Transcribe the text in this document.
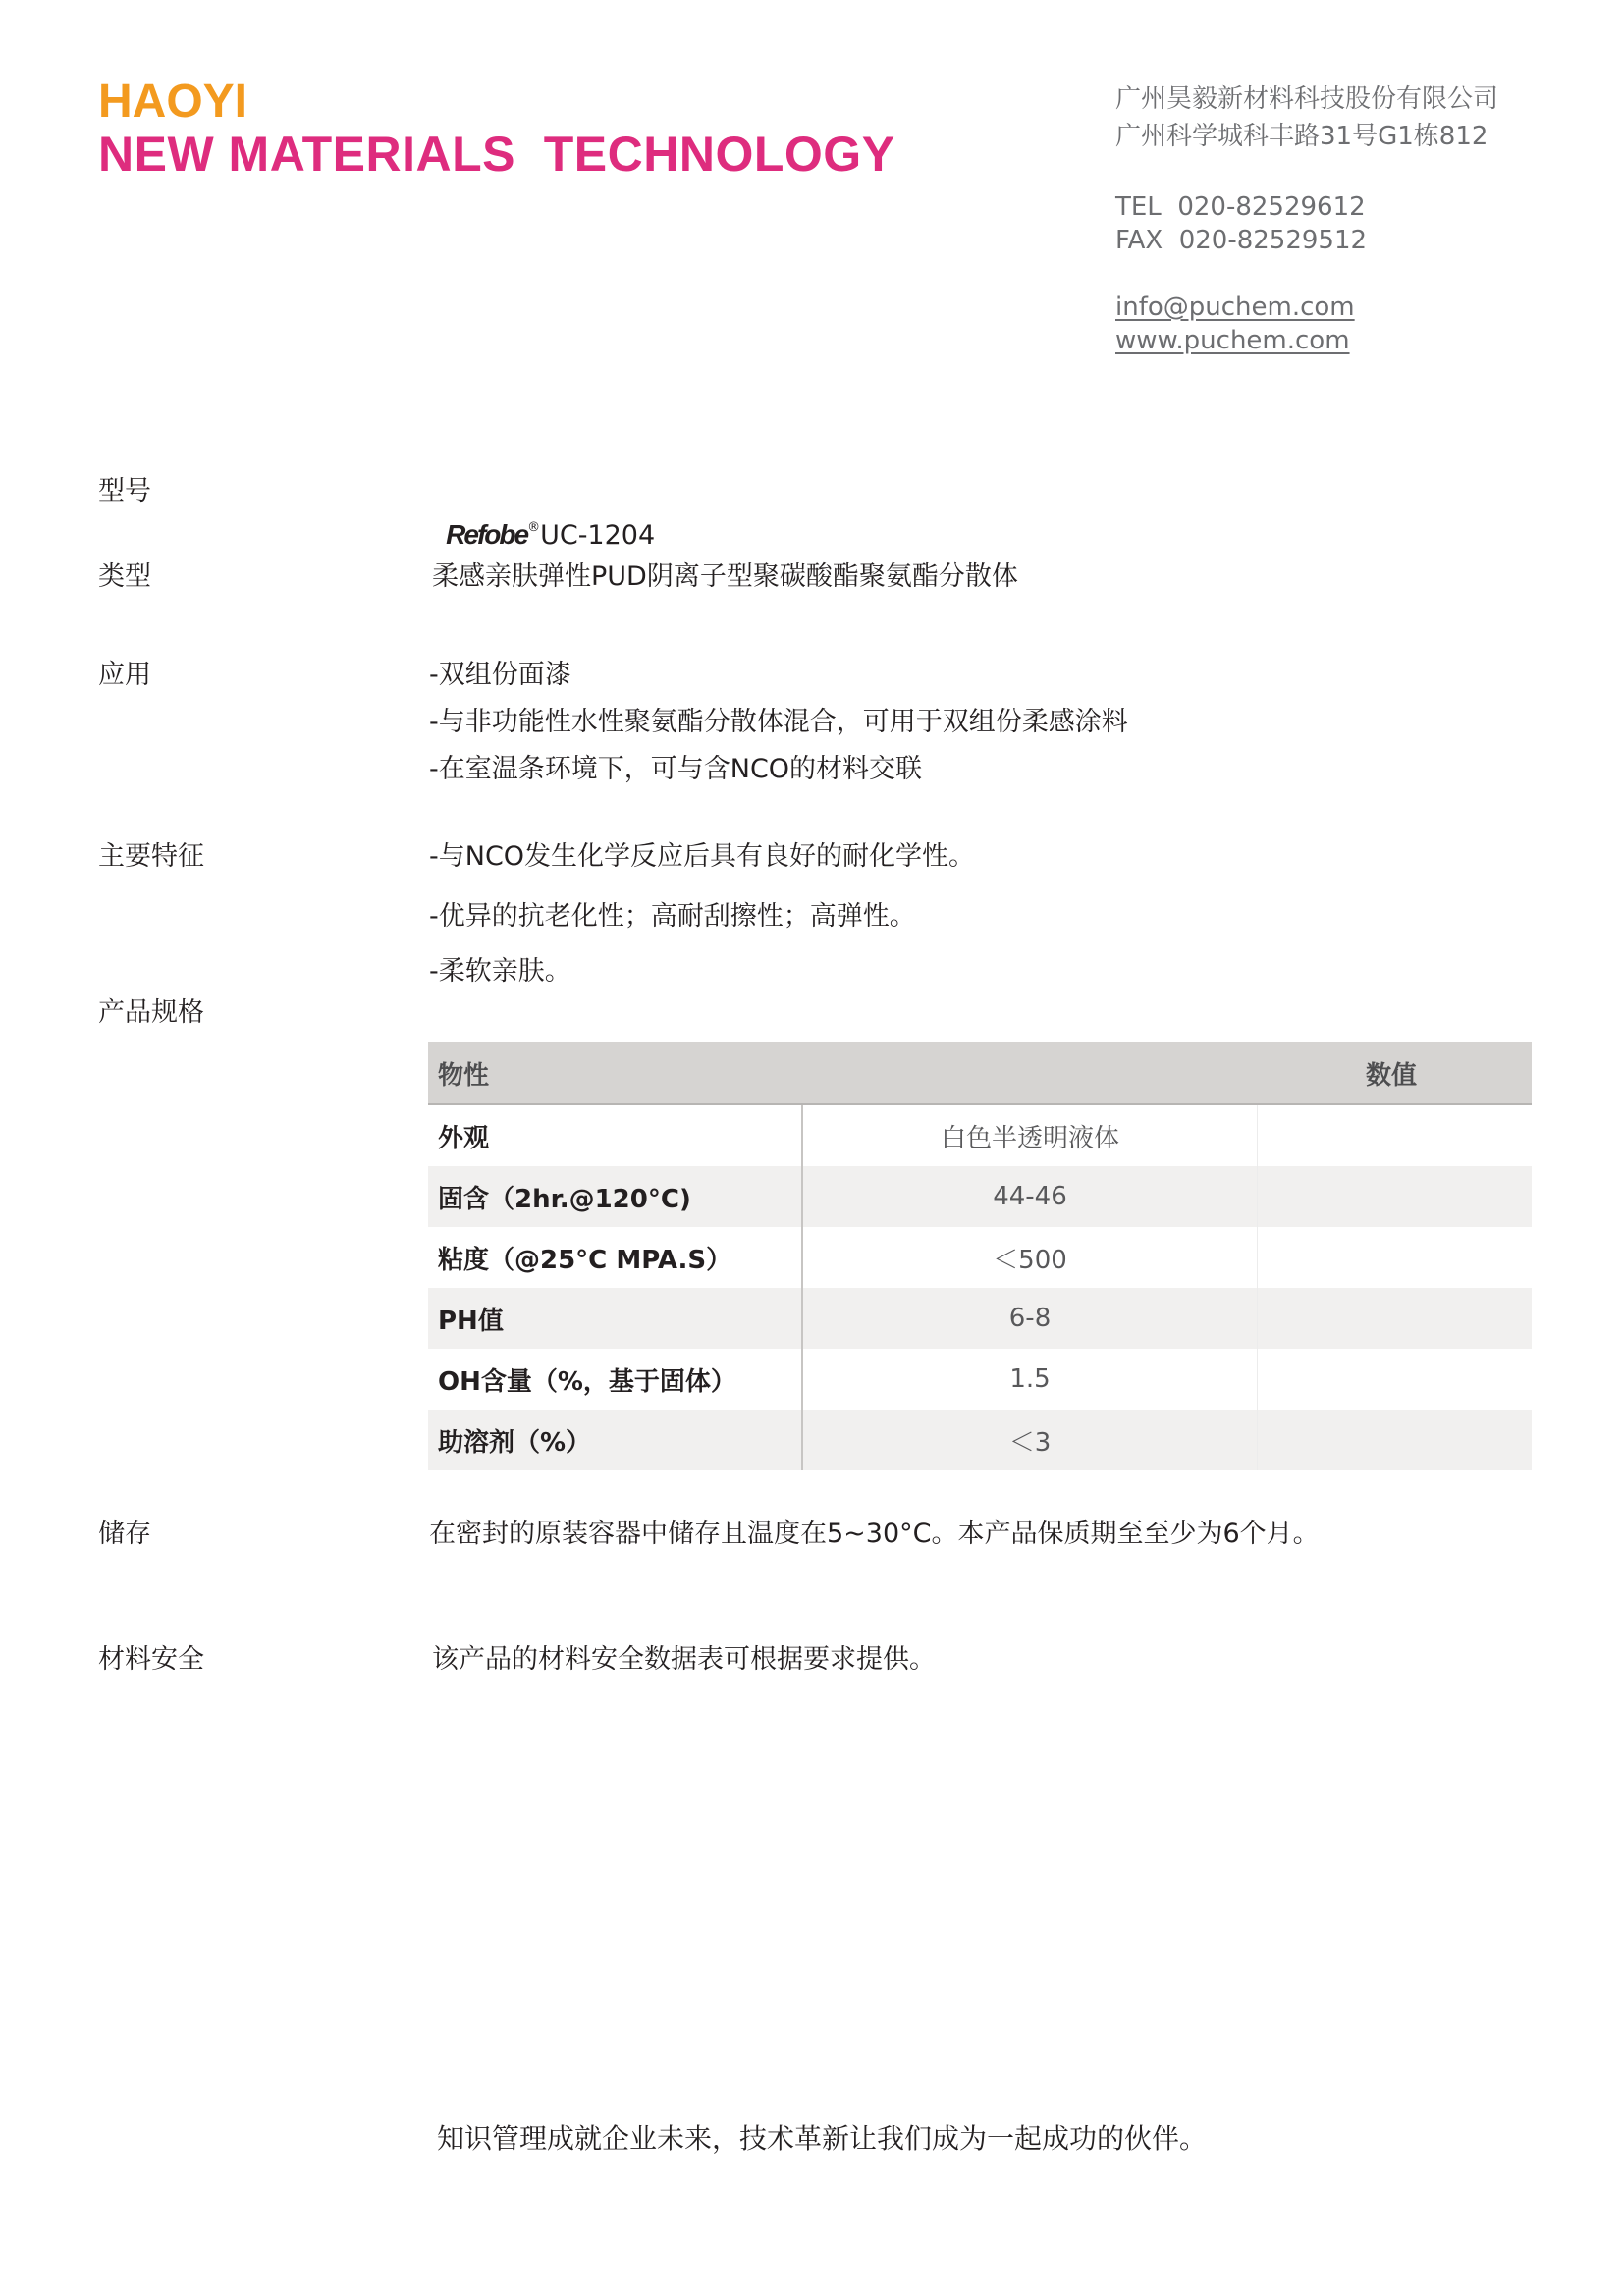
HAOYI
NEW MATERIALS  TECHNOLOGY
广州昊毅新材料科技股份有限公司
广州科学城科丰路31号G1栋812
TEL  020-82529612
FAX  020-82529512
info@puchem.com
www.puchem.com
型号

Refobe®UC-1204

类型	柔感亲肤弹性PUD阴离子型聚碳酸酯聚氨酯分散体
应用	-双组份面漆
-与非功能性水性聚氨酯分散体混合，可用于双组份柔感涂料
-在室温条环境下，可与含NCO的材料交联
主要特征	-与NCO发生化学反应后具有良好的耐化学性。
-优异的抗老化性；高耐刮擦性；高弹性。
-柔软亲肤。
产品规格
物性	数值	
外观	白色半透明液体	
固含（2hr.@120°C)	44-46	
粘度（@25°C MPA.S）	＜500	
PH值	6-8	
OH含量（%，基于固体）	1.5	
助溶剂（%）	＜3	
储存	在密封的原装容器中储存且温度在5~30°C。本产品保质期至至少为6个月。
材料安全	该产品的材料安全数据表可根据要求提供。
知识管理成就企业未来，技术革新让我们成为一起成功的伙伴。
